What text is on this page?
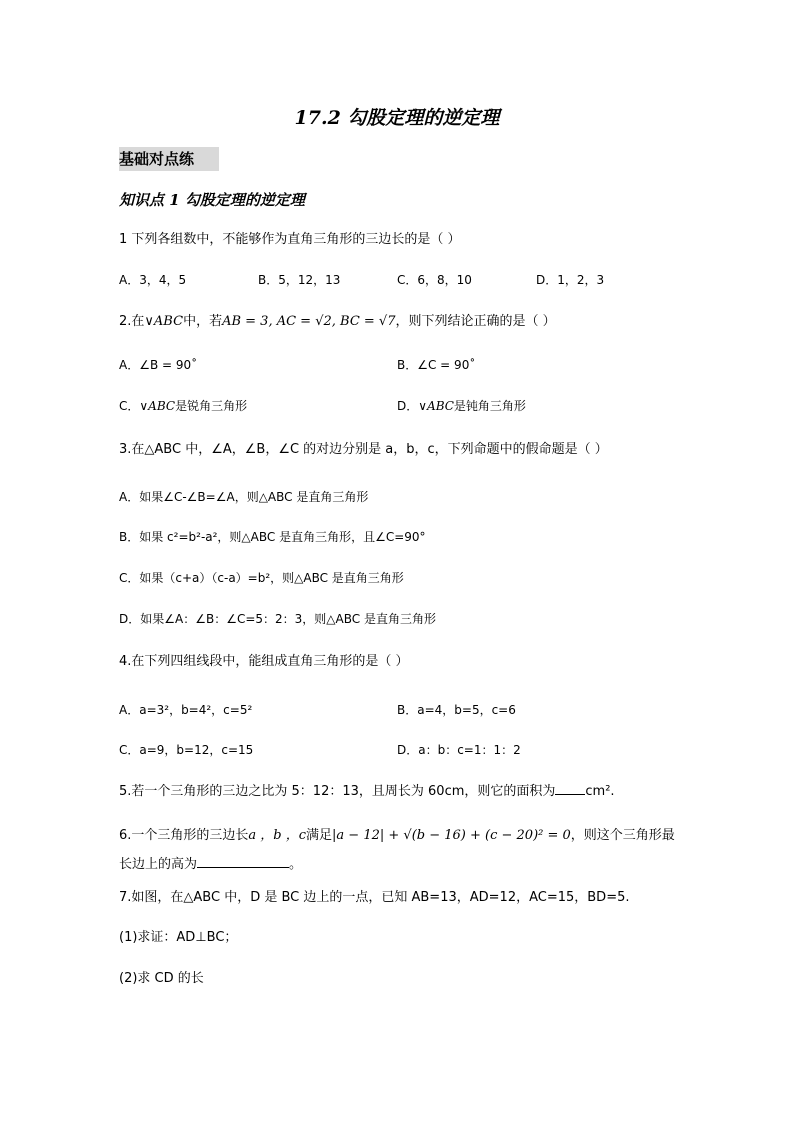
17.2 勾股定理的逆定理
基础对点练
知识点 1 勾股定理的逆定理
1 下列各组数中，不能够作为直角三角形的三边长的是（ ）
A．3，4，5	B．5，12，13	C．6，8，10	D．1，2，3
2.在∨ABC中，若AB = 3, AC = √2, BC = √7，则下列结论正确的是（ ）
A．∠B = 90˚	B．∠C = 90˚
C．∨ABC是锐角三角形	D．∨ABC是钝角三角形
3.在△ABC 中，∠A，∠B，∠C 的对边分别是 a，b，c，下列命题中的假命题是（ ）
A．如果∠C-∠B=∠A，则△ABC 是直角三角形
B．如果 c²=b²-a²，则△ABC 是直角三角形，且∠C=90°
C．如果（c+a）（c-a）=b²，则△ABC 是直角三角形
D．如果∠A：∠B：∠C=5：2：3，则△ABC 是直角三角形
4.在下列四组线段中，能组成直角三角形的是（ ）
A．a=3²，b=4²，c=5²	B．a=4，b=5，c=6
C．a=9，b=12，c=15	D．a：b：c=1：1：2
5.若一个三角形的三边之比为 5：12：13，且周长为 60cm，则它的面积为 cm².
6.一个三角形的三边长a ，b ，c满足|a − 12| + √(b − 16) + (c − 20)² = 0，则这个三角形最
长边上的高为	。
7.如图，在△ABC 中，D 是 BC 边上的一点，已知 AB=13，AD=12，AC=15，BD=5.
(1)求证：AD⊥BC；
(2)求 CD 的长
